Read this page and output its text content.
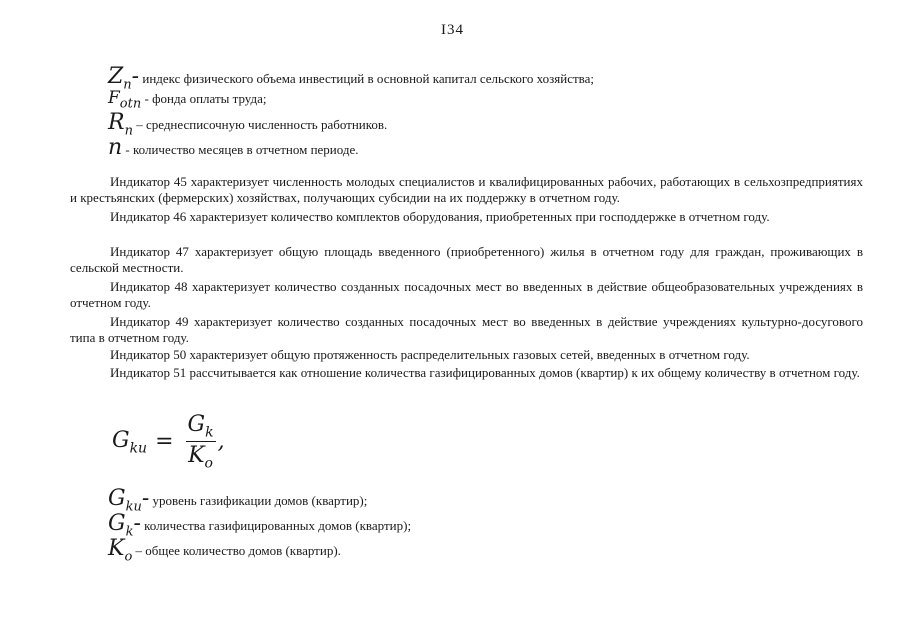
I34
$Z_n-$ индекс физического объема инвестиций в основной капитал сельского хозяйства;
$F_{otn}$ - фонда оплаты труда;
$R_n$ – среднесписочную численность работников.
n - количество месяцев в отчетном периоде.
Индикатор 45 характеризует численность молодых специалистов и квалифицированных рабочих, работающих в сельхозпредприятиях и крестьянских (фермерских) хозяйствах, получающих субсидии на их поддержку в отчетном году.
Индикатор 46 характеризует количество комплектов оборудования, приобретенных при господдержке в отчетном году.
Индикатор 47 характеризует общую площадь введенного (приобретенного) жилья в отчетном году для граждан, проживающих в сельской местности.
Индикатор 48 характеризует количество созданных посадочных мест во введенных в действие общеобразовательных учреждениях в отчетном году.
Индикатор 49 характеризует количество созданных посадочных мест во введенных в действие учреждениях культурно-досугового типа в отчетном году.
Индикатор 50 характеризует общую протяженность распределительных газовых сетей, введенных в отчетном году.
Индикатор 51 рассчитывается как отношение количества газифицированных домов (квартир) к их общему количеству в отчетном году.
$G_{ku} = \frac{G_k}{K_o}$ ,
$G_{ku}-$ уровень газификации домов (квартир);
$G_k-$ количества газифицированных домов (квартир);
$K_o$ – общее количество домов (квартир).
